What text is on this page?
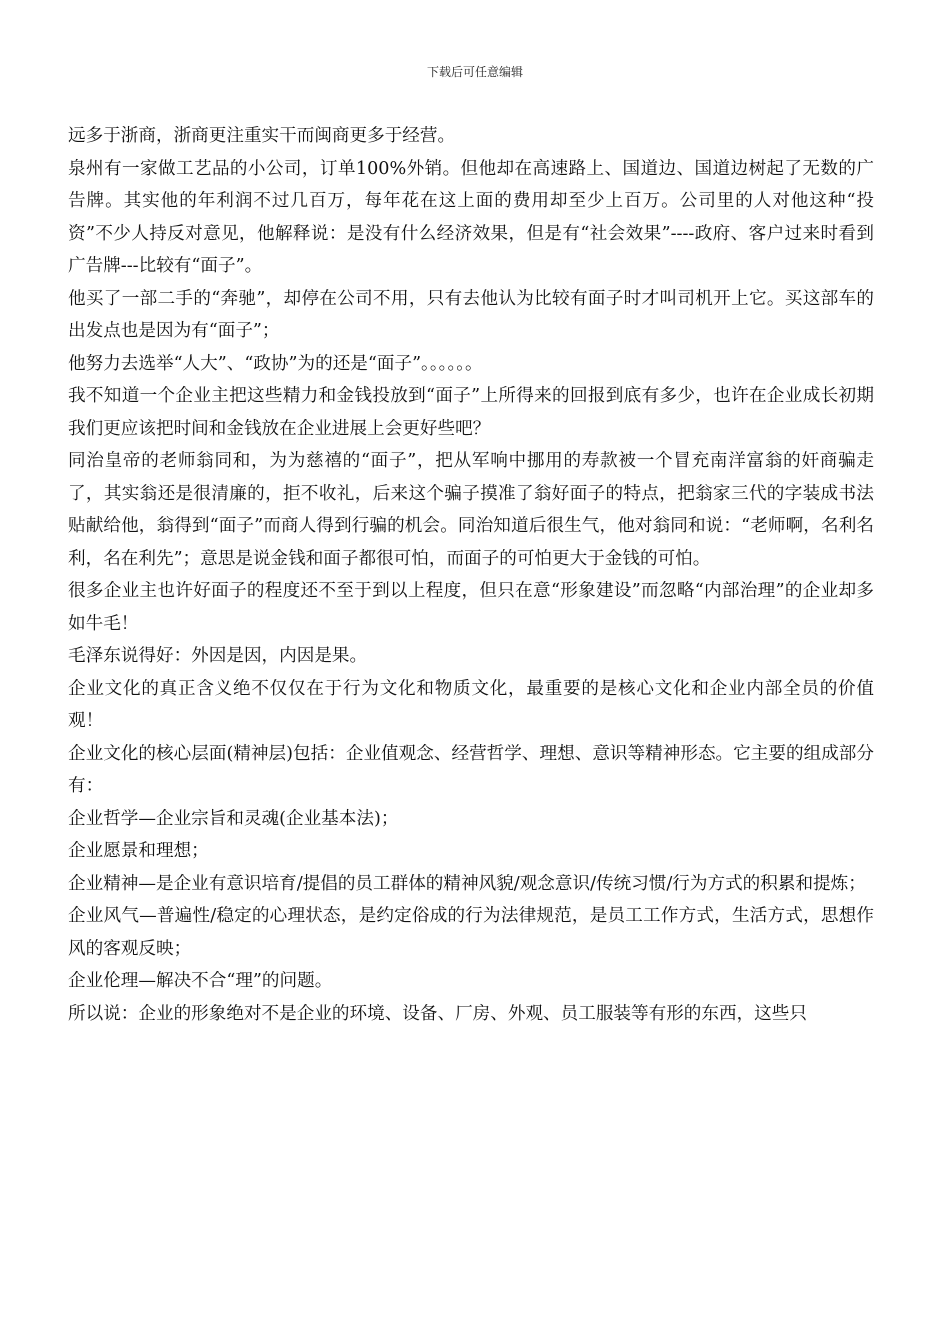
下载后可任意编辑

远多于浙商，浙商更注重实干而闽商更多于经营。

泉州有一家做工艺品的小公司，订单100%外销。但他却在高速路上、国道边、国道边树起了无数的广告牌。其实他的年利润不过几百万，每年花在这上面的费用却至少上百万。公司里的人对他这种“投资”不少人持反对意见，他解释说：是没有什么经济效果，但是有“社会效果”----政府、客户过来时看到广告牌---比较有“面子”。

他买了一部二手的“奔驰”，却停在公司不用，只有去他认为比较有面子时才叫司机开上它。买这部车的出发点也是因为有“面子”；

他努力去选举“人大”、“政协”为的还是“面子”。。。。。。

我不知道一个企业主把这些精力和金钱投放到“面子”上所得来的回报到底有多少，也许在企业成长初期我们更应该把时间和金钱放在企业进展上会更好些吧？

同治皇帝的老师翁同和，为为慈禧的“面子”，把从军响中挪用的寿款被一个冒充南洋富翁的奸商骗走了，其实翁还是很清廉的，拒不收礼，后来这个骗子摸准了翁好面子的特点，把翁家三代的字装成书法贴献给他，翁得到“面子”而商人得到行骗的机会。同治知道后很生气，他对翁同和说：“老师啊，名利名利，名在利先”；意思是说金钱和面子都很可怕，而面子的可怕更大于金钱的可怕。

很多企业主也许好面子的程度还不至于到以上程度，但只在意“形象建设”而忽略“内部治理”的企业却多如牛毛！

毛泽东说得好：外因是因，内因是果。

企业文化的真正含义绝不仅仅在于行为文化和物质文化，最重要的是核心文化和企业内部全员的价值观！

企业文化的核心层面(精神层)包括：企业值观念、经营哲学、理想、意识等精神形态。它主要的组成部分有：

企业哲学—企业宗旨和灵魂(企业基本法)；

企业愿景和理想；

企业精神—是企业有意识培育/提倡的员工群体的精神风貌/观念意识/传统习惯/行为方式的积累和提炼；

企业风气—普遍性/稳定的心理状态，是约定俗成的行为法律规范，是员工工作方式，生活方式，思想作风的客观反映；

企业伦理—解决不合“理”的问题。

所以说：企业的形象绝对不是企业的环境、设备、厂房、外观、员工服装等有形的东西，这些只
